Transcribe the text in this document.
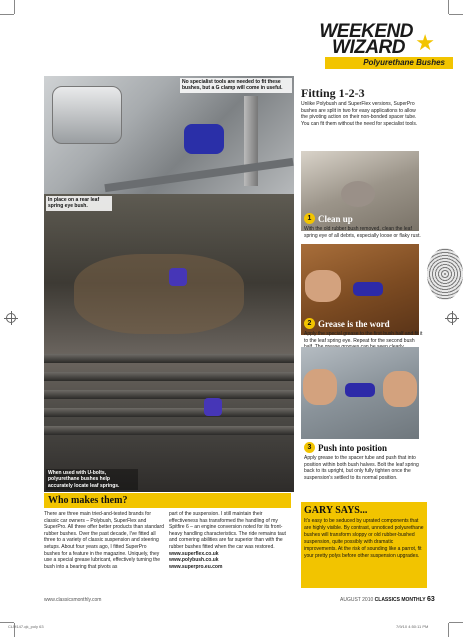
WEEKEND
WIZARD ★
Polyurethane Bushes
No specialist tools are needed to fit these bushes, but a G clamp will come in useful.
In place on a rear leaf spring eye bush.
When used with U-bolts, polyurethane bushes help accurately locate leaf springs.
Fitting 1-2-3
Unlike Polybush and SuperFlex versions, SuperPro bushes are split in two for easy applications to allow the pivoting action on their non-bonded spacer tube. You can fit them without the need for specialist tools.
1 Clean up
With the old rubber bush removed, clean the leaf spring eye of all debris, especially loose or flaky rust.
2 Grease is the word
Apply the special grease to the first bush half and fit it to the leaf spring eye. Repeat for the second bush
3 Push into position
Apply grease to the spacer tube and push that into position within both bush halves. Bolt the leaf spring back to its upright, but only fully tighten once the suspension's settled to its normal position.
Who makes them?
There are three main tried-and-tested brands for classic car owners – Polybush, SuperFlex and SuperPro. All three offer better products than standard rubber bushes. Over the past decade, I've fitted all three to a variety of classic suspension and steering setups. About four years ago, I fitted SuperPro bushes for a feature in the magazine. Uniquely, they use a special grease lubricant, effectively turning the bush into a bearing that pivots as
part of the suspension. I still maintain their effectiveness has transformed the handling of my Spitfire 6 – an engine conversion noted for its front-heavy handling characteristics. The ride remains taut and cornering abilities are far superior than with the rubber bushes fitted when the car was restored.
www.superflex.co.uk
www.polybush.co.uk
www.superpro.eu.com
GARY SAYS...
It's easy to be seduced by uprated components that are highly visible. By contrast, unnoticed polyurethane bushes will transform sloppy or old rubber-bushed suspension, quite possibly with dramatic improvements. At the risk of sounding like a parrot, fit your pretty polys before other suspension upgrades.
www.classicsmonthly.com	AUGUST 2010 CLASSICS MONTHLY 63
CLM147.qk_poly 63	7/9/10 4:50:11 PM
